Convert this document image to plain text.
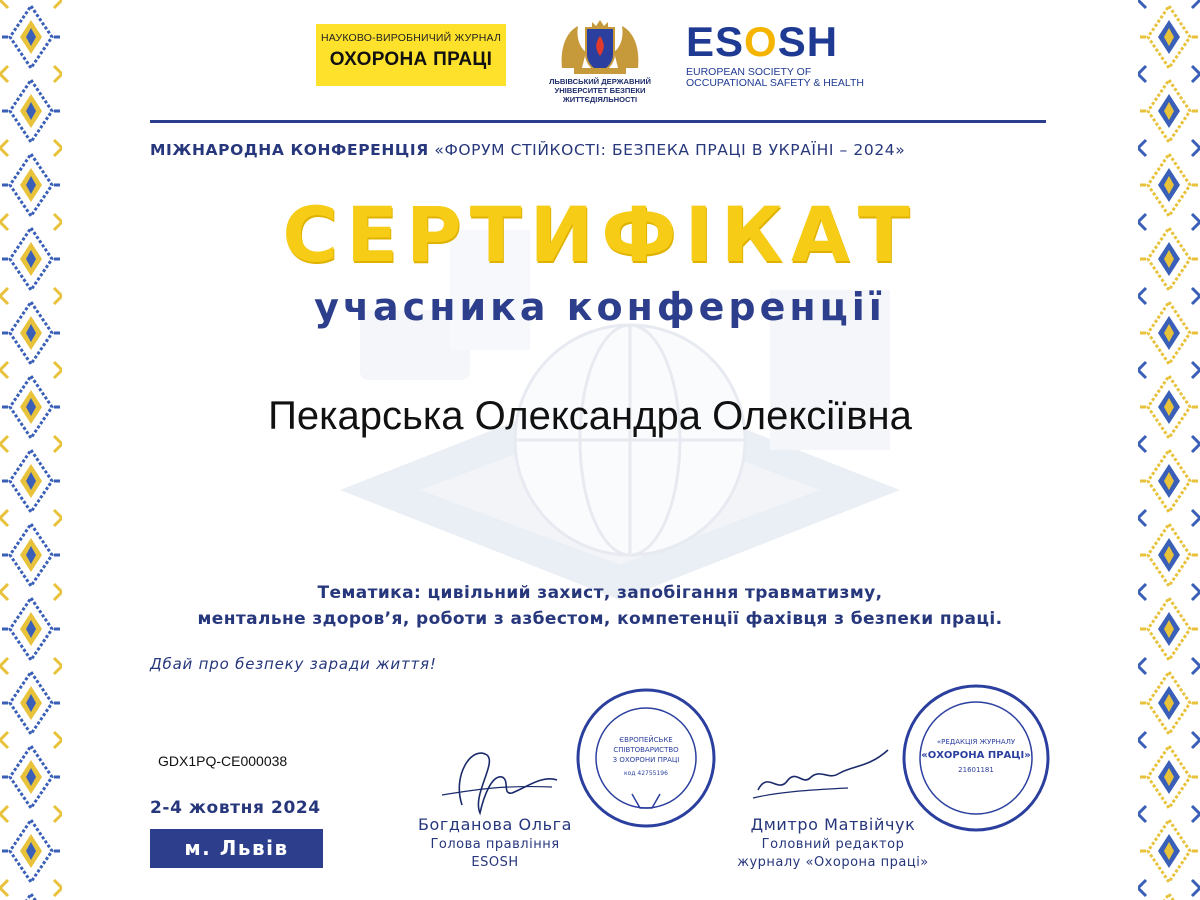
НАУКОВО-ВИРОБНИЧИЙ ЖУРНАЛ
ОХОРОНА ПРАЦІ
ЛЬВІВСЬКИЙ ДЕРЖАВНИЙ
УНІВЕРСИТЕТ БЕЗПЕКИ
ЖИТТЄДІЯЛЬНОСТІ
ESOSH
EUROPEAN SOCIETY OF
OCCUPATIONAL SAFETY & HEALTH
МІЖНАРОДНА КОНФЕРЕНЦІЯ «ФОРУМ СТІЙКОСТІ: БЕЗПЕКА ПРАЦІ В УКРАЇНІ – 2024»
СЕРТИФІКАТ
учасника конференції
Пекарська Олександра Олексіївна
Тематика: цивільний захист, запобігання травматизму,
ментальне здоров’я, роботи з азбестом, компетенції фахівця з безпеки праці.
Дбай про безпеку заради життя!
GDX1PQ-CE000038
2-4 жовтня 2024
м. Львів
ЄВРОПЕЙСЬКЕ
СПІВТОВАРИСТВО
З ОХОРОНИ ПРАЦІ
код 42755196
«РЕДАКЦІЯ ЖУРНАЛУ
«ОХОРОНА ПРАЦІ»
21601181
Богданова Ольга
Голова правління
ESOSH
Дмитро Матвійчук
Головний редактор
журналу «Охорона праці»
